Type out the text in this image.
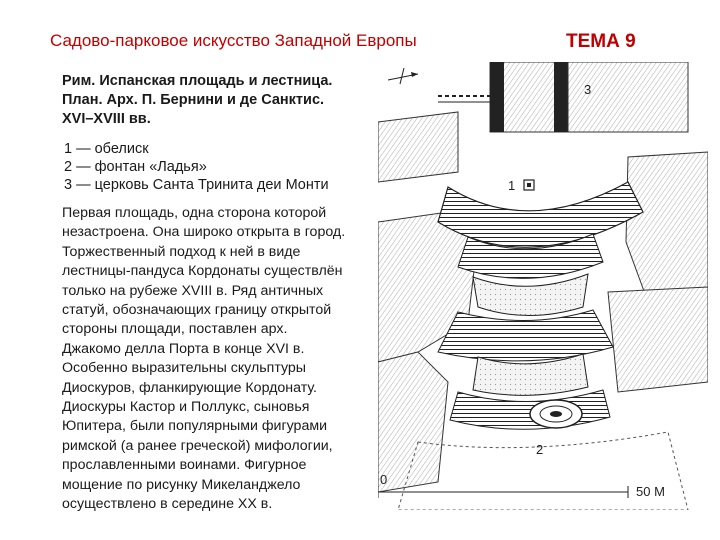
Садово-парковое искусство Западной Европы	ТЕМА 9
Рим. Испанская площадь и лестница.
План. Арх. П. Бернини и де Санктис.
XVI–XVIII вв.
1 — обелиск
2 — фонтан «Ладья»
3 — церковь Санта Тринита деи Монти
Первая площадь, одна сторона которой
незастроена. Она широко открыта в город.
Торжественный подход к ней в виде
лестницы-пандуса Кордонаты существлён
только на рубеже XVIII в. Ряд античных
статуй, обозначающих границу открытой
стороны площади, поставлен арх.
Джакомо делла Порта в конце XVI в.
Особенно выразительны скульптуры
Диоскуров, фланкирующие Кордонату.
Диоскуры Кастор и Поллукс, сыновья
Юпитера, были популярными фигурами
римской (а ранее греческой) мифологии,
прославленными воинами. Фигурное
мощение по рисунку Микеланджело
осуществлено в середине XX в.
1
2
3
0
50 М
